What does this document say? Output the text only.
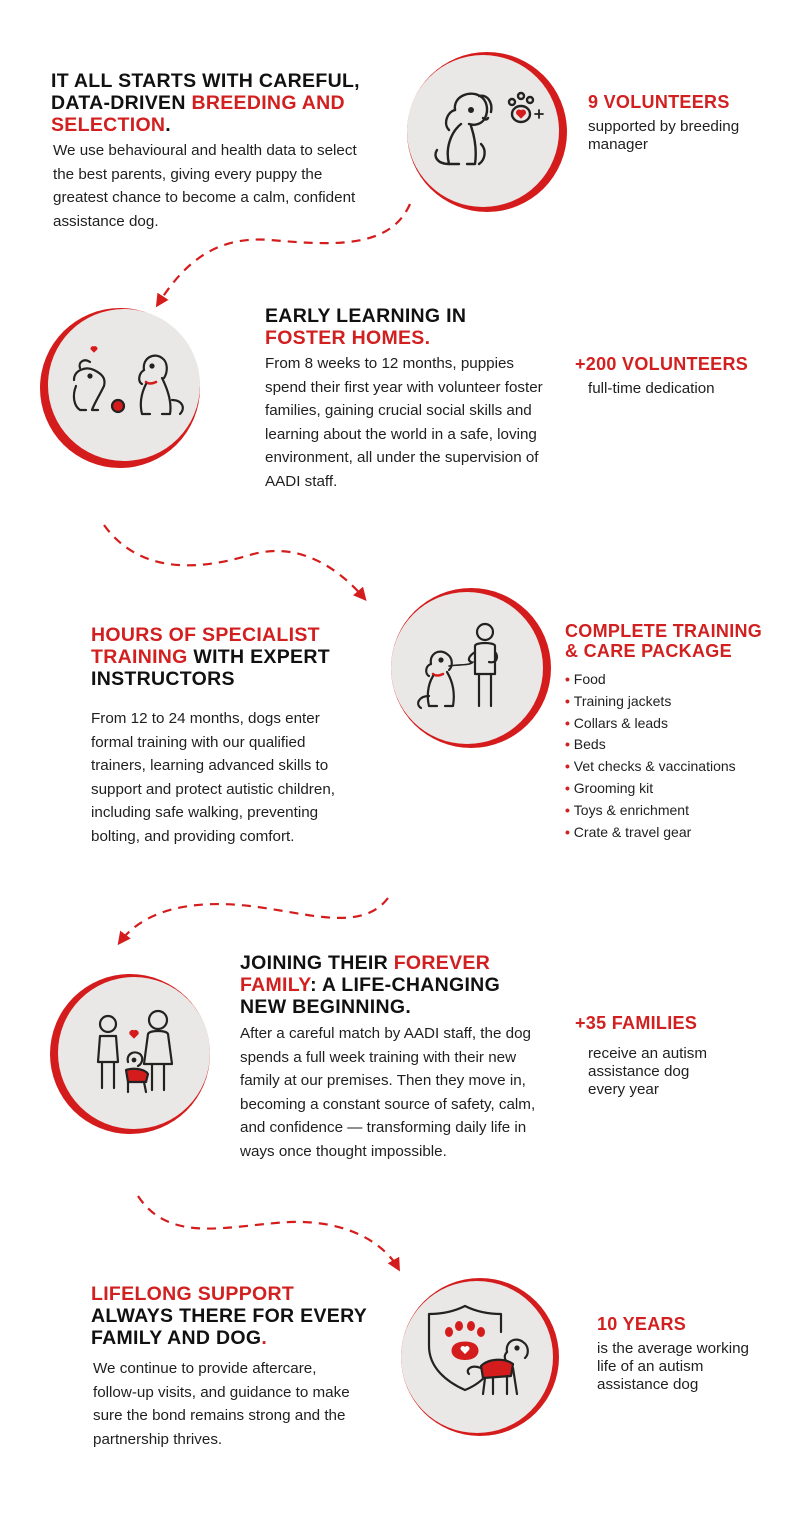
IT ALL STARTS WITH CAREFUL, DATA-DRIVEN BREEDING AND SELECTION.
We use behavioural and health data to select the best parents, giving every puppy the greatest chance to become a calm, confident assistance dog.
9 VOLUNTEERS
supported by breeding manager
EARLY LEARNING IN
FOSTER HOMES.
From 8 weeks to 12 months, puppies spend their first year with volunteer foster families, gaining crucial social skills and learning about the world in a safe, loving environment, all under the supervision of AADI staff.
+200 VOLUNTEERS
full-time dedication
HOURS OF SPECIALIST TRAINING WITH EXPERT INSTRUCTORS
From 12 to 24 months, dogs enter formal training with our qualified trainers, learning advanced skills to support and protect autistic children, including safe walking, preventing bolting, and providing comfort.
COMPLETE TRAINING & CARE PACKAGE
• Food
• Training jackets
• Collars & leads
• Beds
• Vet checks & vaccinations
• Grooming kit
• Toys & enrichment
• Crate & travel gear
JOINING THEIR FOREVER FAMILY: A LIFE-CHANGING NEW BEGINNING.
After a careful match by AADI staff, the dog spends a full week training with their new family at our premises. Then they move in, becoming a constant source of safety, calm, and confidence — transforming daily life in ways once thought impossible.
+35 FAMILIES
receive an autism assistance dog every year
LIFELONG SUPPORT ALWAYS THERE FOR EVERY FAMILY AND DOG.
We continue to provide aftercare, follow-up visits, and guidance to make sure the bond remains strong and the partnership thrives.
10 YEARS
is the average working life of an autism assistance dog
